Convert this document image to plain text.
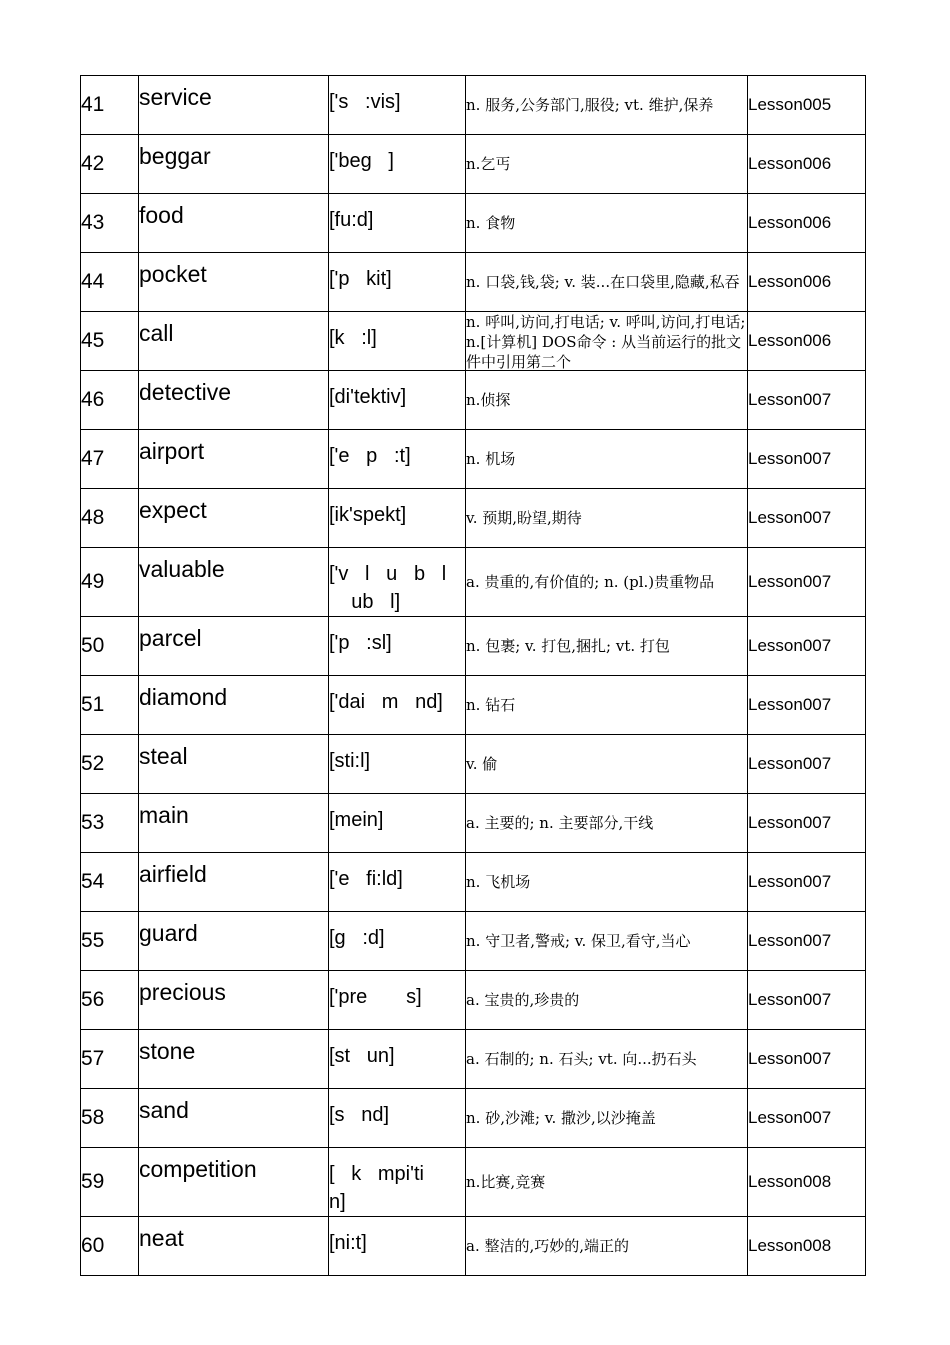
41	service	['s   :vis]	n. 服务,公务部门,服役; vt. 维护,保养	Lesson005
42	beggar	['beg   ]	n.乞丐	Lesson006
43	food	[fu:d]	n. 食物	Lesson006
44	pocket	['p   kit]	n. 口袋,钱,袋; v. 装...在口袋里,隐藏,私吞	Lesson006
45	call	[k   :l]	n. 呼叫,访问,打电话; v. 呼叫,访问,打电话; n.[计算机] DOS命令 : 从当前运行的批文件中引用第二个	Lesson006
46	detective	[di'tektiv]	n.侦探	Lesson007
47	airport	['e   p   :t]	n. 机场	Lesson007
48	expect	[ik'spekt]	v. 预期,盼望,期待	Lesson007
49	valuable	['v   l   u   b   l
ub   l]	a. 贵重的,有价值的; n. (pl.)贵重物品	Lesson007
50	parcel	['p   :sl]	n. 包裹; v. 打包,捆扎; vt. 打包	Lesson007
51	diamond	['dai   m   nd]	n. 钻石	Lesson007
52	steal	[sti:l]	v. 偷	Lesson007
53	main	[mein]	a. 主要的; n. 主要部分,干线	Lesson007
54	airfield	['e   fi:ld]	n. 飞机场	Lesson007
55	guard	[g   :d]	n. 守卫者,警戒; v. 保卫,看守,当心	Lesson007
56	precious	['pre       s]	a. 宝贵的,珍贵的	Lesson007
57	stone	[st   un]	a. 石制的; n. 石头; vt. 向...扔石头	Lesson007
58	sand	[s   nd]	n. 砂,沙滩; v. 撒沙,以沙掩盖	Lesson007
59	competition	[   k   mpi'ti       n]	n.比赛,竞赛	Lesson008
60	neat	[ni:t]	a. 整洁的,巧妙的,端正的	Lesson008
